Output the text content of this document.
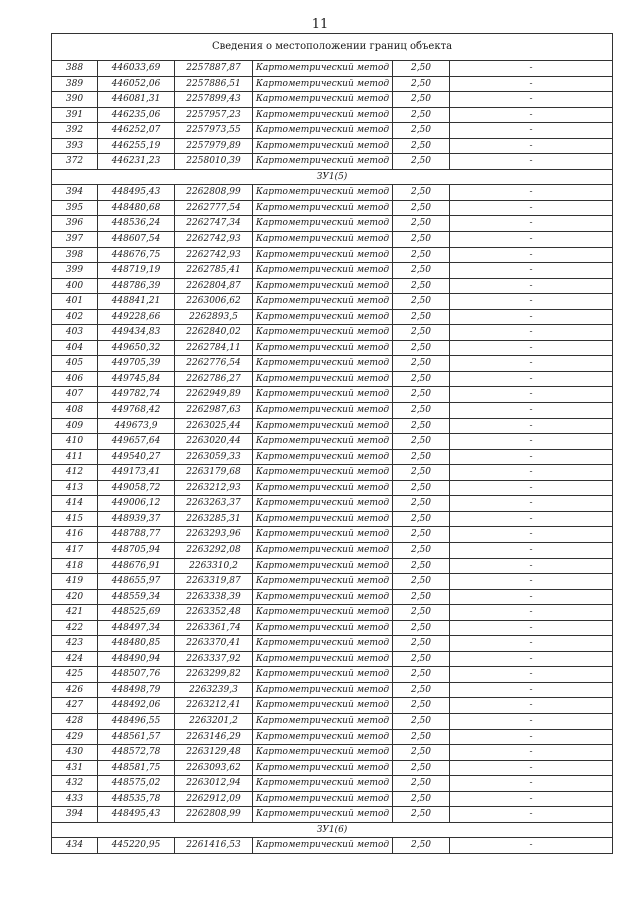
11
Сведения о местоположении границ объекта					
388	446033,69	2257887,87	Картометрический метод	2,50	-
389	446052,06	2257886,51	Картометрический метод	2,50	-
390	446081,31	2257899,43	Картометрический метод	2,50	-
391	446235,06	2257957,23	Картометрический метод	2,50	-
392	446252,07	2257973,55	Картометрический метод	2,50	-
393	446255,19	2257979,89	Картометрический метод	2,50	-
372	446231,23	2258010,39	Картометрический метод	2,50	-
ЗУ1(5)					
394	448495,43	2262808,99	Картометрический метод	2,50	-
395	448480,68	2262777,54	Картометрический метод	2,50	-
396	448536,24	2262747,34	Картометрический метод	2,50	-
397	448607,54	2262742,93	Картометрический метод	2,50	-
398	448676,75	2262742,93	Картометрический метод	2,50	-
399	448719,19	2262785,41	Картометрический метод	2,50	-
400	448786,39	2262804,87	Картометрический метод	2,50	-
401	448841,21	2263006,62	Картометрический метод	2,50	-
402	449228,66	2262893,5	Картометрический метод	2,50	-
403	449434,83	2262840,02	Картометрический метод	2,50	-
404	449650,32	2262784,11	Картометрический метод	2,50	-
405	449705,39	2262776,54	Картометрический метод	2,50	-
406	449745,84	2262786,27	Картометрический метод	2,50	-
407	449782,74	2262949,89	Картометрический метод	2,50	-
408	449768,42	2262987,63	Картометрический метод	2,50	-
409	449673,9	2263025,44	Картометрический метод	2,50	-
410	449657,64	2263020,44	Картометрический метод	2,50	-
411	449540,27	2263059,33	Картометрический метод	2,50	-
412	449173,41	2263179,68	Картометрический метод	2,50	-
413	449058,72	2263212,93	Картометрический метод	2,50	-
414	449006,12	2263263,37	Картометрический метод	2,50	-
415	448939,37	2263285,31	Картометрический метод	2,50	-
416	448788,77	2263293,96	Картометрический метод	2,50	-
417	448705,94	2263292,08	Картометрический метод	2,50	-
418	448676,91	2263310,2	Картометрический метод	2,50	-
419	448655,97	2263319,87	Картометрический метод	2,50	-
420	448559,34	2263338,39	Картометрический метод	2,50	-
421	448525,69	2263352,48	Картометрический метод	2,50	-
422	448497,34	2263361,74	Картометрический метод	2,50	-
423	448480,85	2263370,41	Картометрический метод	2,50	-
424	448490,94	2263337,92	Картометрический метод	2,50	-
425	448507,76	2263299,82	Картометрический метод	2,50	-
426	448498,79	2263239,3	Картометрический метод	2,50	-
427	448492,06	2263212,41	Картометрический метод	2,50	-
428	448496,55	2263201,2	Картометрический метод	2,50	-
429	448561,57	2263146,29	Картометрический метод	2,50	-
430	448572,78	2263129,48	Картометрический метод	2,50	-
431	448581,75	2263093,62	Картометрический метод	2,50	-
432	448575,02	2263012,94	Картометрический метод	2,50	-
433	448535,78	2262912,09	Картометрический метод	2,50	-
394	448495,43	2262808,99	Картометрический метод	2,50	-
ЗУ1(6)					
434	445220,95	2261416,53	Картометрический метод	2,50	-
